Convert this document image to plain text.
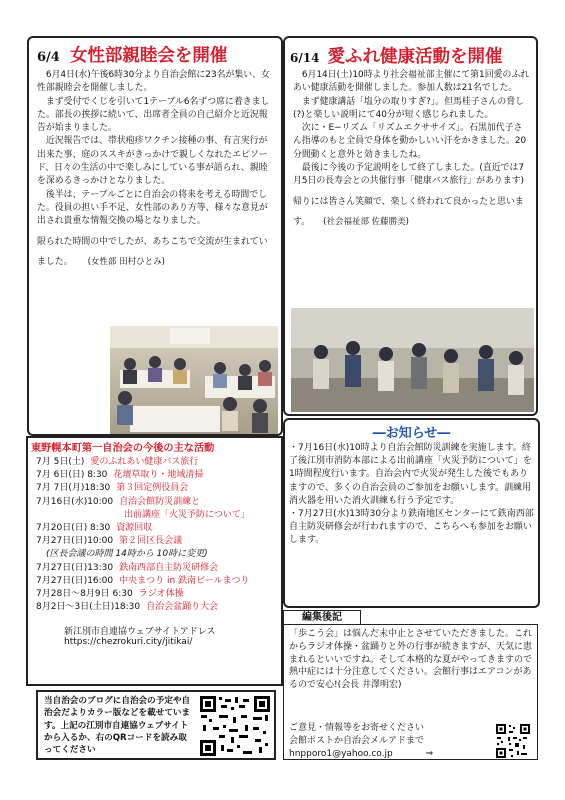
6/4 女性部親睦会を開催

6月4日(水)午後6時30分より自治会館に23名が集い、女性部親睦会を開催しました。

まず受付でくじを引いて1テーブル6名ずつ席に着きました。部長の挨拶に続いて、出席者全員の自己紹介と近況報告が始まりました。

近況報告では、帯状疱疹ワクチン接種の事、有言実行が出来た事、庭のススキがきっかけで親しくなれたエピソード、日々の生活の中で楽しみにしている事が語られ、親睦を深めるきっかけとなりました。

後半は、テーブルごとに自治会の将来を考える時間でした。役員の担い手不足、女性部のあり方等、様々な意見が出され貴重な情報交換の場となりました。

限られた時間の中でしたが、あちこちで交流が生まれていました。 (女性部 田村ひとみ)
6/14 愛ふれ健康活動を開催

6月14日(土)10時より社会福祉部主催にて第1回愛のふれあい健康活動を開催しました。参加人数は21名でした。

まず健康講話「塩分の取りすぎ?」。但馬桂子さんの脅し(?)と楽しい説明にて40分が短く感じられました。

次に・E−リズム「リズムエクササイズ」。石黒加代子さん指導のもと全員で身体を動かしいい汗をかきました。20分間動くと意外と効きましたね。

最後に今後の予定説明をして終了しました。(直近では7月5日の長寿会との共催行事「健康バス旅行」があります)

帰りには皆さん笑顔で、楽しく終われて良かったと思います。 (社会福祉部 佐藤勝美)
東野幌本町第一自治会の今後の主な活動
7月 5日(土) 愛のふれあい健康バス旅行
7月 6日(日) 8:30 花壇草取り・地域清掃
7月 7日(月)18:30 第３回定例役員会
7月16日(水)10:00 自治会館防災訓練と
出前講座「火災予防について」
7月20日(日) 8:30 資源回収
7月27日(日)10:00 第２回区長会議
(区長会議の時間 14時から 10時に変更)
7月27日(日)13:30 鉄南西部自主防災研修会
7月27日(日)16:00 中央まつり in 鉄南ビールまつり
7月28日〜8月9日 6:30 ラジオ体操
8月2日〜3日(土日)18:30 自治会盆踊り大会
新江別市自連協ウェブサイトアドレス
https://chezrokuri.city/jitikai/
―お知らせ―

・7月16日(水)10時より自治会館防災訓練を実施します。終了後江別市消防本部による出前講座「火災予防について」を1時間程度行います。自治会内で火災が発生した後でもありますので、多くの自治会員のご参加をお願いします。訓練用消火器を用いた消火訓練も行う予定です。

・7月27日(水)13時30分より鉄南地区センターにて鉄南西部自主防災研修会が行われますので、こちらへも参加をお願いします。

編集後記

「歩こう会」は悩んだ末中止とさせていただきました。これからラジオ体操・盆踊りと外の行事が続きますが、天気に恵まれるといいですね。そして本格的な夏がやってきますので熱中症には十分注意してください。会館行事はエアコンがあるので安心!(会長 井澤明宏)

ご意見・情報等をお寄せください
会館ポストか自治会メルアドまで
hnpporo1@yahoo.co.jp	⇒

当自治会のブログに自治会の予定や自治会だよりカラー版などを載せています。上記の江別市自連協ウェブサイトから入るか、右のQRコードを読み取ってください
